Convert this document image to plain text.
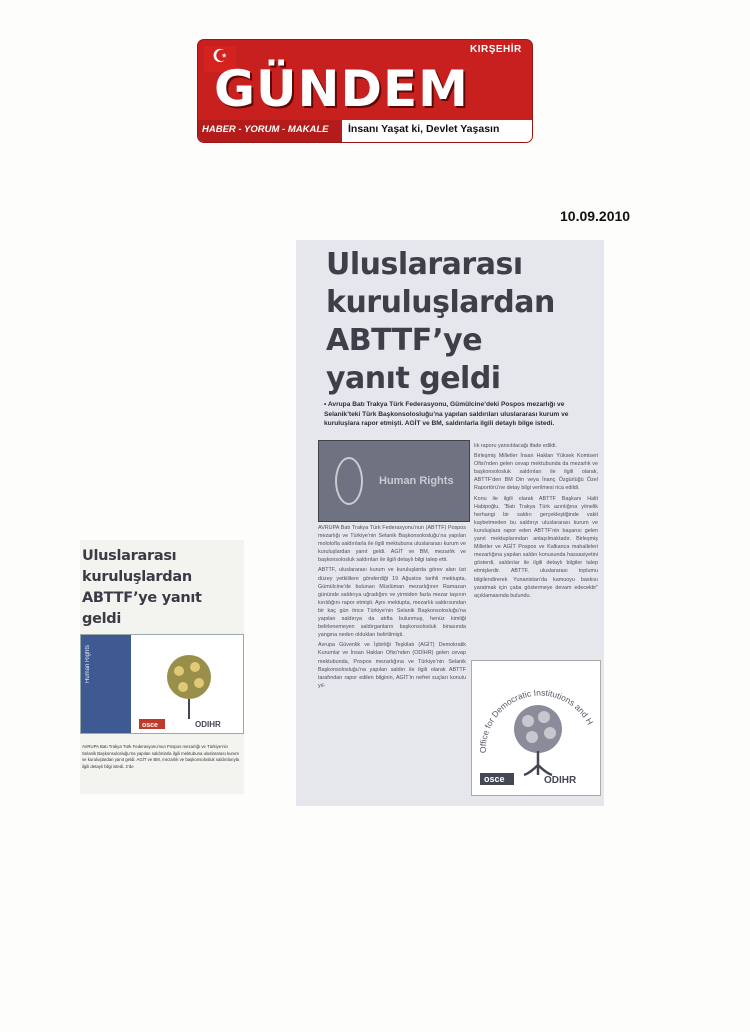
☪	KIRŞEHİR
GÜNDEM
HABER - YORUM - MAKALE İnsanı Yaşat ki, Devlet Yaşasın
10.09.2010
Uluslararası
kuruluşlardan
ABTTF’ye
yanıt geldi
• Avrupa Batı Trakya Türk Federasyonu, Gümülcine’deki Pospos mezarlığı ve Selanik’teki Türk Başkonsolosluğu’na yapılan saldırıları uluslararası kurum ve kuruluşlara rapor etmişti. AGİT ve BM, saldırılarla ilgili detaylı bilge istedi.
Human Rights

AVRUPA Batı Trakya Türk Federasyonu’nun (ABTTF) Pospos mezarlığı ve Türkiye’nin Selanik Başkonsolosluğu’na yapılan molotofla saldırılarla ile ilgili mektubuna uluslararası kurum ve kuruluşlardan yanıt geldi. AGİT ve BM, mezarlık ve başkonsolosluk saldırıları ile ilgili detaylı bilgi talep etti.

ABTTF, uluslararası kurum ve kuruluşlarda görev alan üst düzey yetkililere gönderdiği 19 Ağustos tarihli mektupta, Gümülcine’de bulunan Müslüman mezarlığının Ramazan gününde saldırıya uğradığını ve yirmiden fazla mezar taşının kırıldığını rapor etmişti. Aynı mektupta, mezarlık saldırısından bir kaç gün önce Türkiye’nin Selanik Başkonsolosluğu’na yapılan saldırıya da atıfta bulunmuş, henüz kimliği belirlenemeyen saldırganların başkonsolosluk binasında yangına neden oldukları belirtilmişti.

Avrupa Güvenlik ve İşbirliği Teşkilatı (AGİT) Demokratik Kurumlar ve İnsan Hakları Ofisi’nden (ODİHR) gelen cevap mektubunda, Pospos mezarlığına ve Türkiye’nin Selanik Başkonsolosluğu’na yapılan saldırı ile ilgili olarak ABTTF tarafından rapor edilen bilginin, AGİT’in nefret suçları konulu yıl-

lık raporu yansıtılacağı ifade edildi.

Birleşmiş Milletler İnsan Hakları Yüksek Komiseri Ofisi’nden gelen cevap mektubunda da mezarlık ve başkonsolosluk saldırıları ile ilgili olarak, ABTTF’den BM Din veya İnanç Özgürlüğü Özel Raportörü’ne detay bilgi verilmesi rica edildi.

Konu ile ilgili olarak ABTTF Başkanı Halit Habipoğlu, “Batı Trakya Türk azınlığına yönelik herhangi bir saldırı gerçekleştiğinde vakit kaybetmeden bu saldırıyı uluslararası kurum ve kuruluşlara rapor eden ABTTF’nin başarısı gelen yanıt mektuplarından anlaşılmaktadır. Birleşmiş Milletler ve AGİT Pospos ve Kalkanca mahalleleri mezarlığına yapılan saldırı konusunda hassasiyetini gösterdi, saldırılar ile ilgili detaylı bilgiler talep etmişlerdir. ABTTF, uluslararası toplumu bilgilendirerek Yunanistan’da kamuoyu baskısı yaratmak için çaba göstermeye devam edecektir” açıklamasında bulundu.

Office for Democratic Institutions and H
osce	ODIHR
Uluslararası
kuruluşlardan
ABTTF’ye yanıt geldi
Human Rights
osce	ODIHR
AVRUPA Batı Trakya Türk Federasyonu’nun Pospos mezarlığı ve Türkiye’nin Selanik Başkonsolosluğu’na yapılan saldırılarla ilgili mektubuna uluslararası kurum ve kuruluşlardan yanıt geldi. AGİT ve BM, mezarlık ve başkonsolosluk saldırılarıyla ilgili detaylı bilgi istedi. 2’de
